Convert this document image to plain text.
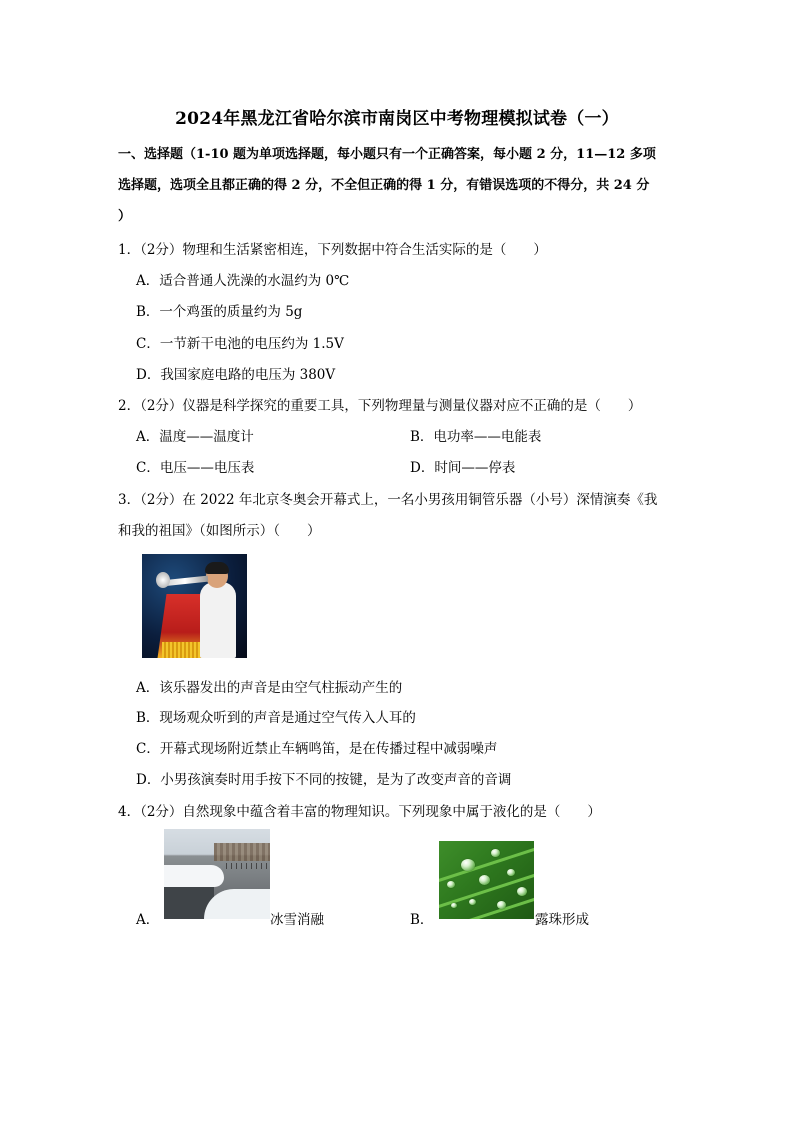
2024年黑龙江省哈尔滨市南岗区中考物理模拟试卷（一）
一、选择题（1-10 题为单项选择题，每小题只有一个正确答案，每小题 2 分，11—12 多项
选择题，选项全且都正确的得 2 分，不全但正确的得 1 分，有错误选项的不得分，共 24 分
）
1．（2分）物理和生活紧密相连，下列数据中符合生活实际的是（　　）
A．适合普通人洗澡的水温约为 0℃
B．一个鸡蛋的质量约为 5g
C．一节新干电池的电压约为 1.5V
D．我国家庭电路的电压为 380V
2．（2分）仪器是科学探究的重要工具，下列物理量与测量仪器对应不正确的是（　　）
A．温度——温度计	B．电功率——电能表
C．电压——电压表	D．时间——停表
3．（2分）在 2022 年北京冬奥会开幕式上，一名小男孩用铜管乐器（小号）深情演奏《我
和我的祖国》（如图所示）（　　）
A．该乐器发出的声音是由空气柱振动产生的
B．现场观众听到的声音是通过空气传入人耳的
C．开幕式现场附近禁止车辆鸣笛，是在传播过程中减弱噪声
D．小男孩演奏时用手按下不同的按键，是为了改变声音的音调
4．（2分）自然现象中蕴含着丰富的物理知识。下列现象中属于液化的是（　　）
A．	冰雪消融	B．	露珠形成
